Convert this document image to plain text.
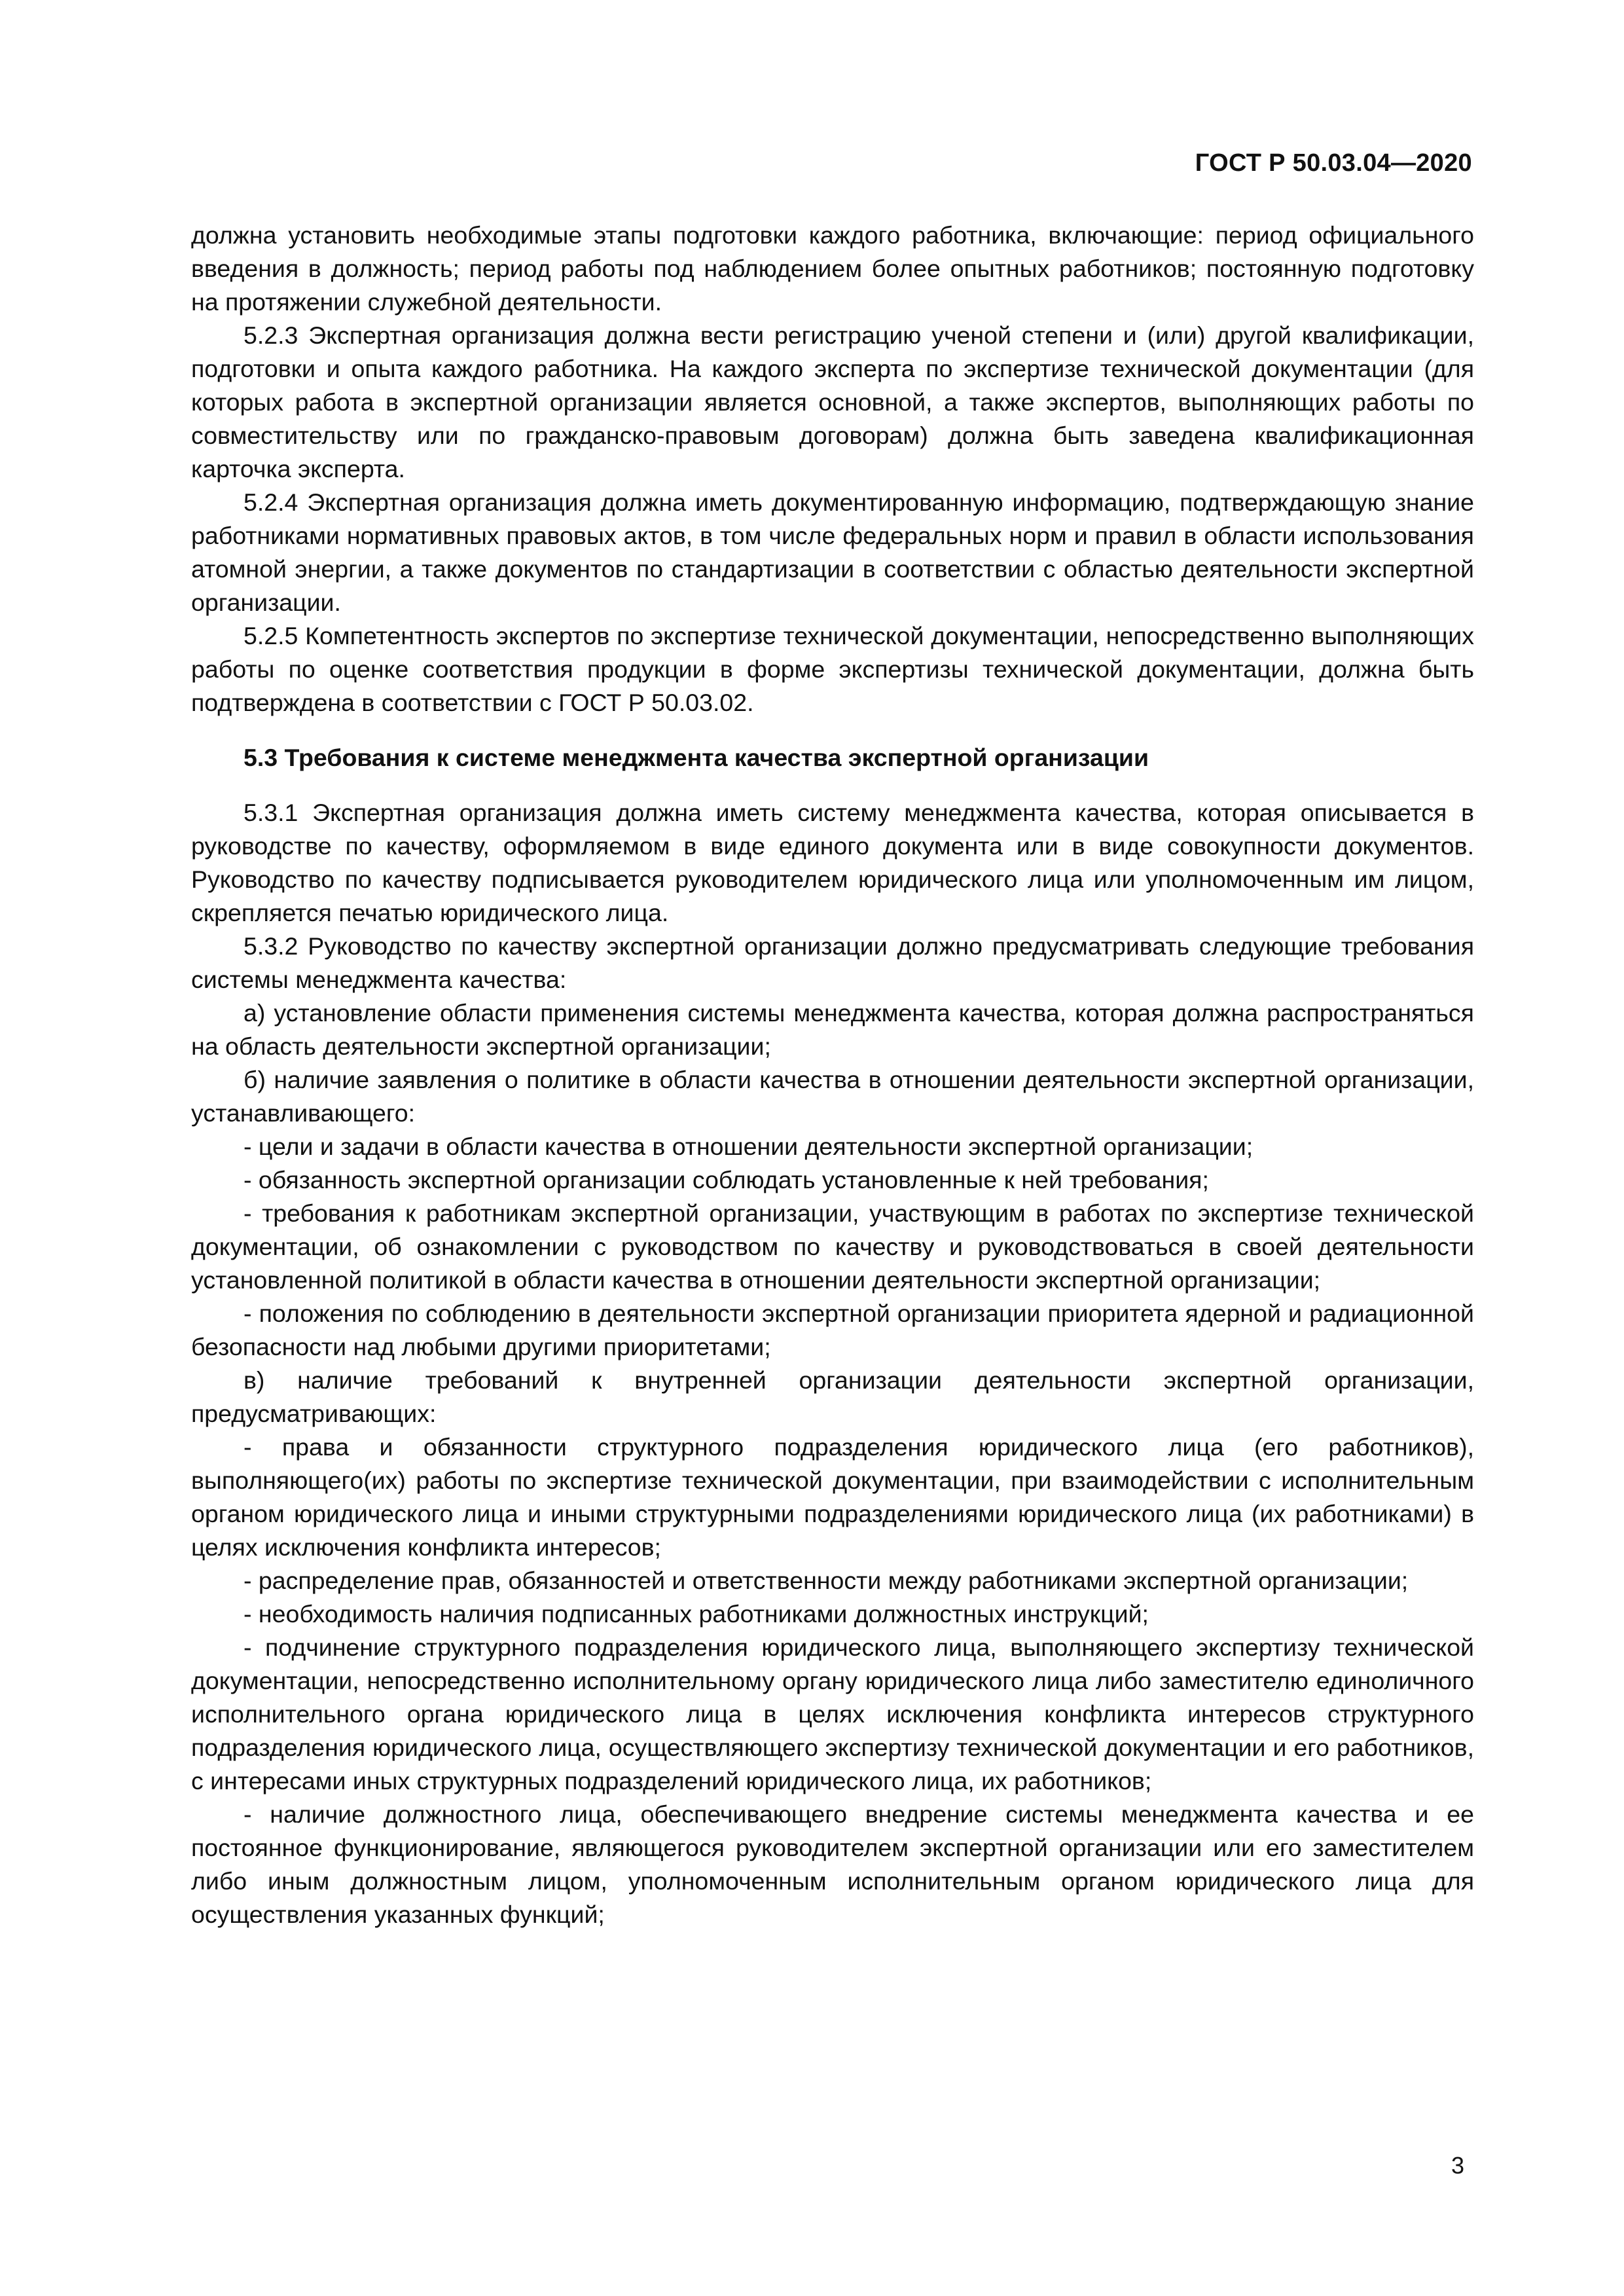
ГОСТ Р 50.03.04—2020

должна установить необходимые этапы подготовки каждого работника, включающие: период официального введения в должность; период работы под наблюдением более опытных работников; постоянную подготовку на протяжении служебной деятельности.

5.2.3 Экспертная организация должна вести регистрацию ученой степени и (или) другой квалификации, подготовки и опыта каждого работника. На каждого эксперта по экспертизе технической документации (для которых работа в экспертной организации является основной, а также экспертов, выполняющих работы по совместительству или по гражданско-правовым договорам) должна быть заведена квалификационная карточка эксперта.

5.2.4 Экспертная организация должна иметь документированную информацию, подтверждающую знание работниками нормативных правовых актов, в том числе федеральных норм и правил в области использования атомной энергии, а также документов по стандартизации в соответствии с областью деятельности экспертной организации.

5.2.5 Компетентность экспертов по экспертизе технической документации, непосредственно выполняющих работы по оценке соответствия продукции в форме экспертизы технической документации, должна быть подтверждена в соответствии с ГОСТ Р 50.03.02.

5.3 Требования к системе менеджмента качества экспертной организации

5.3.1 Экспертная организация должна иметь систему менеджмента качества, которая описывается в руководстве по качеству, оформляемом в виде единого документа или в виде совокупности документов. Руководство по качеству подписывается руководителем юридического лица или уполномоченным им лицом, скрепляется печатью юридического лица.

5.3.2 Руководство по качеству экспертной организации должно предусматривать следующие требования системы менеджмента качества:

а) установление области применения системы менеджмента качества, которая должна распространяться на область деятельности экспертной организации;

б) наличие заявления о политике в области качества в отношении деятельности экспертной организации, устанавливающего:

- цели и задачи в области качества в отношении деятельности экспертной организации;

- обязанность экспертной организации соблюдать установленные к ней требования;

- требования к работникам экспертной организации, участвующим в работах по экспертизе технической документации, об ознакомлении с руководством по качеству и руководствоваться в своей деятельности установленной политикой в области качества в отношении деятельности экспертной организации;

- положения по соблюдению в деятельности экспертной организации приоритета ядерной и радиационной безопасности над любыми другими приоритетами;

в) наличие требований к внутренней организации деятельности экспертной организации, предусматривающих:

- права и обязанности структурного подразделения юридического лица (его работников), выполняющего(их) работы по экспертизе технической документации, при взаимодействии с исполнительным органом юридического лица и иными структурными подразделениями юридического лица (их работниками) в целях исключения конфликта интересов;

- распределение прав, обязанностей и ответственности между работниками экспертной организации;

- необходимость наличия подписанных работниками должностных инструкций;

- подчинение структурного подразделения юридического лица, выполняющего экспертизу технической документации, непосредственно исполнительному органу юридического лица либо заместителю единоличного исполнительного органа юридического лица в целях исключения конфликта интересов структурного подразделения юридического лица, осуществляющего экспертизу технической документации и его работников, с интересами иных структурных подразделений юридического лица, их работников;

- наличие должностного лица, обеспечивающего внедрение системы менеджмента качества и ее постоянное функционирование, являющегося руководителем экспертной организации или его заместителем либо иным должностным лицом, уполномоченным исполнительным органом юридического лица для осуществления указанных функций;

3
